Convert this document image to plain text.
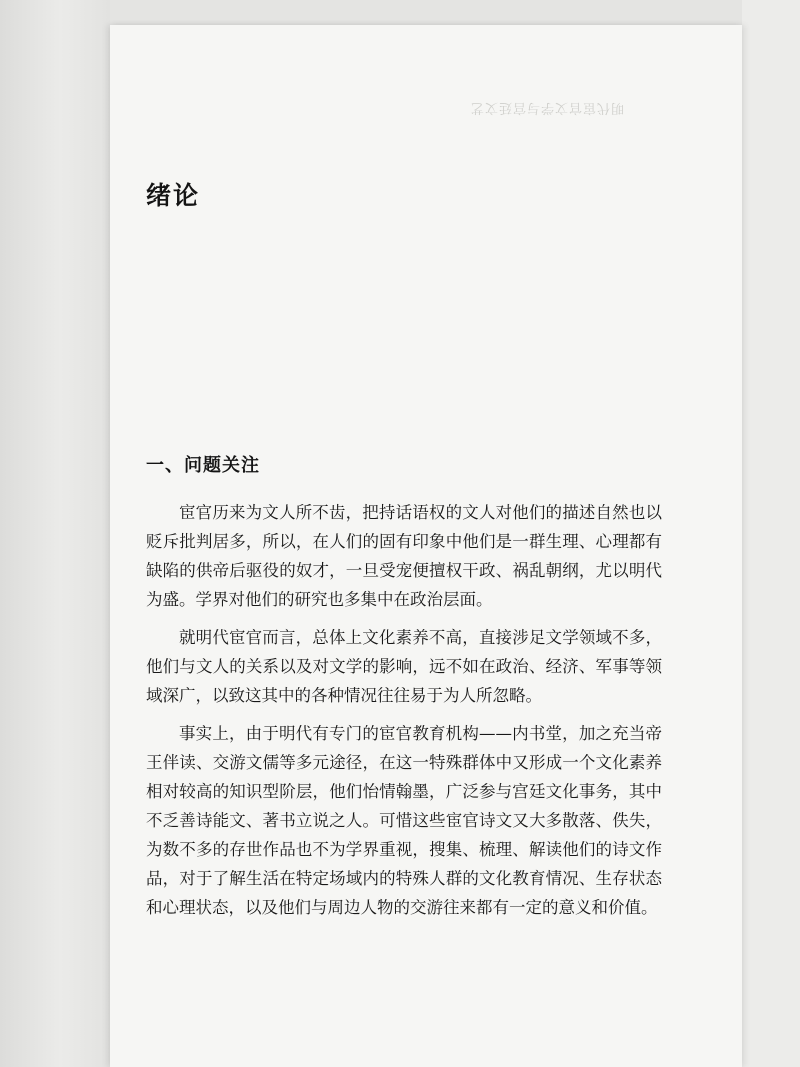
明代宦官文学与宫廷文艺
绪论
一、问题关注

宦官历来为文人所不齿，把持话语权的文人对他们的描述自然也以贬斥批判居多，所以，在人们的固有印象中他们是一群生理、心理都有缺陷的供帝后驱役的奴才，一旦受宠便擅权干政、祸乱朝纲，尤以明代为盛。学界对他们的研究也多集中在政治层面。

就明代宦官而言，总体上文化素养不高，直接涉足文学领域不多，他们与文人的关系以及对文学的影响，远不如在政治、经济、军事等领域深广，以致这其中的各种情况往往易于为人所忽略。

事实上，由于明代有专门的宦官教育机构——内书堂，加之充当帝王伴读、交游文儒等多元途径，在这一特殊群体中又形成一个文化素养相对较高的知识型阶层，他们怡情翰墨，广泛参与宫廷文化事务，其中不乏善诗能文、著书立说之人。可惜这些宦官诗文又大多散落、佚失，为数不多的存世作品也不为学界重视，搜集、梳理、解读他们的诗文作品，对于了解生活在特定场域内的特殊人群的文化教育情况、生存状态和心理状态，以及他们与周边人物的交游往来都有一定的意义和价值。
